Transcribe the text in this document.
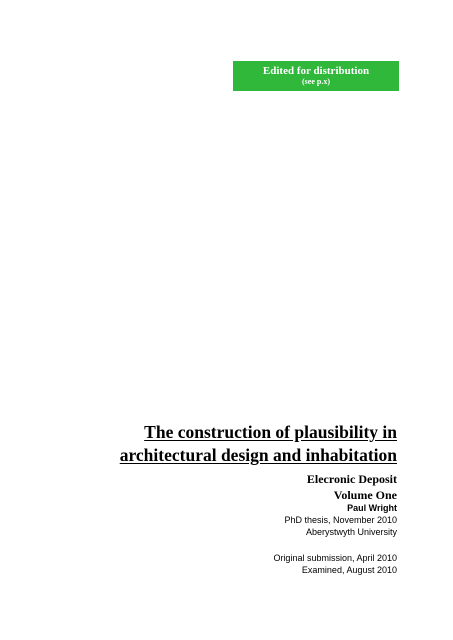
Edited for distribution
(see p.x)
The construction of plausibility in
architectural design and inhabitation
Elecronic Deposit
Volume One
Paul Wright
PhD thesis, November 2010
Aberystwyth University
Original submission, April 2010
Examined, August 2010
